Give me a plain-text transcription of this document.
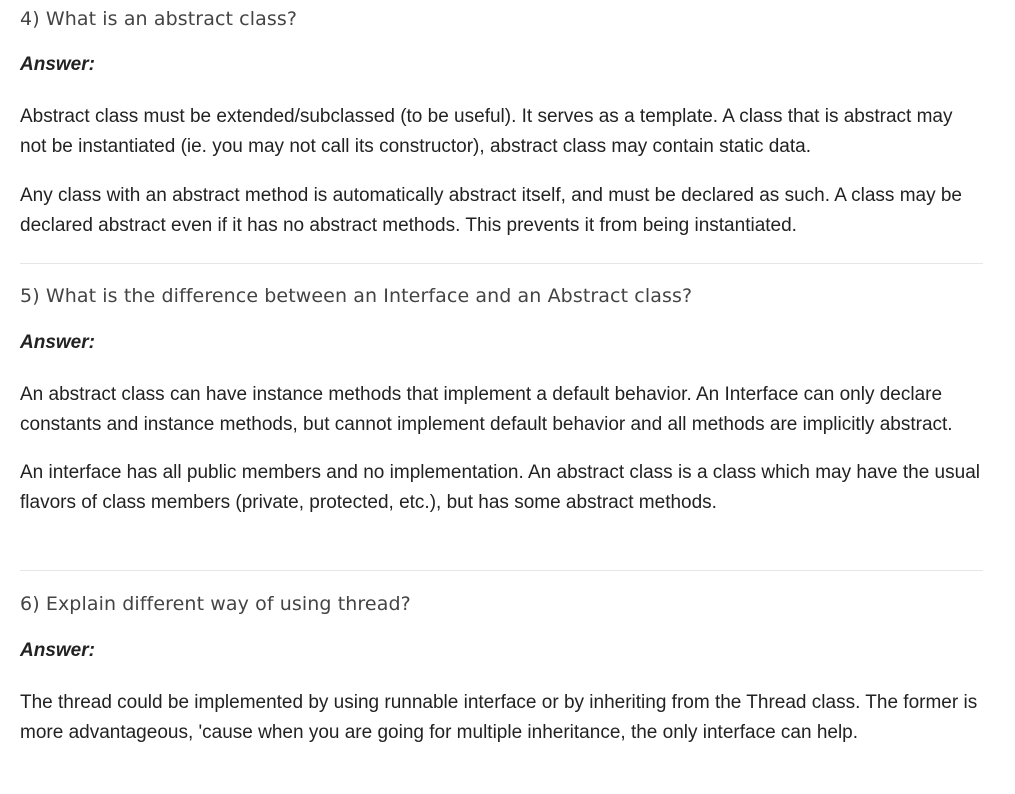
4) What is an abstract class?

Answer:

Abstract class must be extended/subclassed (to be useful). It serves as a template. A class that is abstract may not be instantiated (ie. you may not call its constructor), abstract class may contain static data.

Any class with an abstract method is automatically abstract itself, and must be declared as such. A class may be declared abstract even if it has no abstract methods. This prevents it from being instantiated.

5) What is the difference between an Interface and an Abstract class?

Answer:

An abstract class can have instance methods that implement a default behavior. An Interface can only declare constants and instance methods, but cannot implement default behavior and all methods are implicitly abstract.

An interface has all public members and no implementation. An abstract class is a class which may have the usual flavors of class members (private, protected, etc.), but has some abstract methods.

6) Explain different way of using thread?

Answer:

The thread could be implemented by using runnable interface or by inheriting from the Thread class. The former is more advantageous, 'cause when you are going for multiple inheritance, the only interface can help.
